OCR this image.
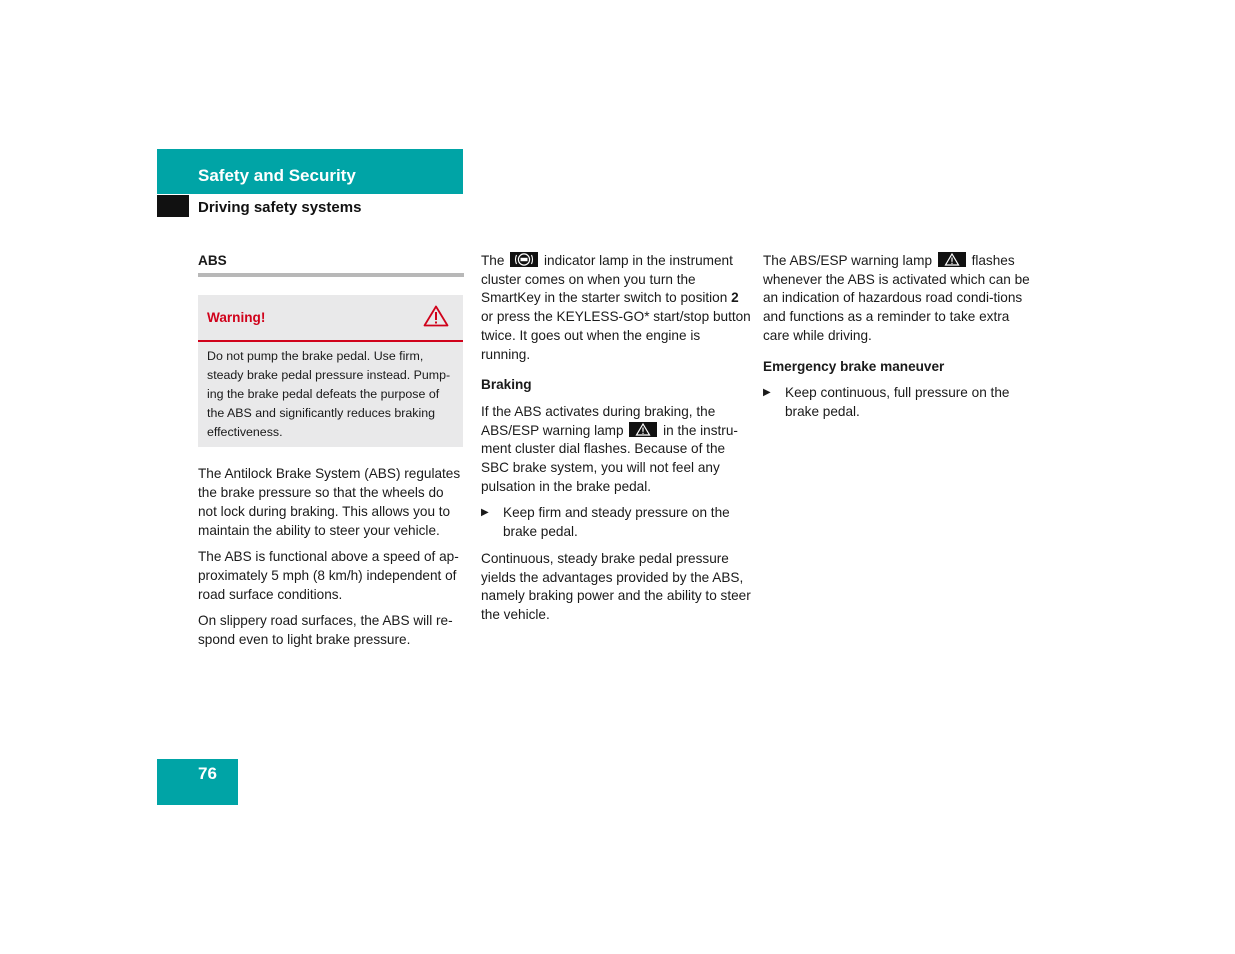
Safety and Security
Driving safety systems
ABS
Warning!
Do not pump the brake pedal. Use firm, steady brake pedal pressure instead. Pump-ing the brake pedal defeats the purpose of the ABS and significantly reduces braking effectiveness.

The Antilock Brake System (ABS) regulates the brake pressure so that the wheels do not lock during braking. This allows you to maintain the ability to steer your vehicle.

The ABS is functional above a speed of ap-proximately 5 mph (8 km/h) independent of road surface conditions.

On slippery road surfaces, the ABS will re-spond even to light brake pressure.

The	indicator lamp in the instrument cluster comes on when you turn the SmartKey in the starter switch to position 2 or press the KEYLESS-GO* start/stop button twice. It goes out when the engine is running.

Braking

If the ABS activates during braking, the ABS/ESP warning lamp	in the instru-ment cluster dial flashes. Because of the SBC brake system, you will not feel any pulsation in the brake pedal.

▶	Keep firm and steady pressure on the brake pedal.

Continuous, steady brake pedal pressure yields the advantages provided by the ABS, namely braking power and the ability to steer the vehicle.

The ABS/ESP warning lamp	flashes whenever the ABS is activated which can be an indication of hazardous road condi-tions and functions as a reminder to take extra care while driving.

Emergency brake maneuver
▶	Keep continuous, full pressure on the brake pedal.
76
